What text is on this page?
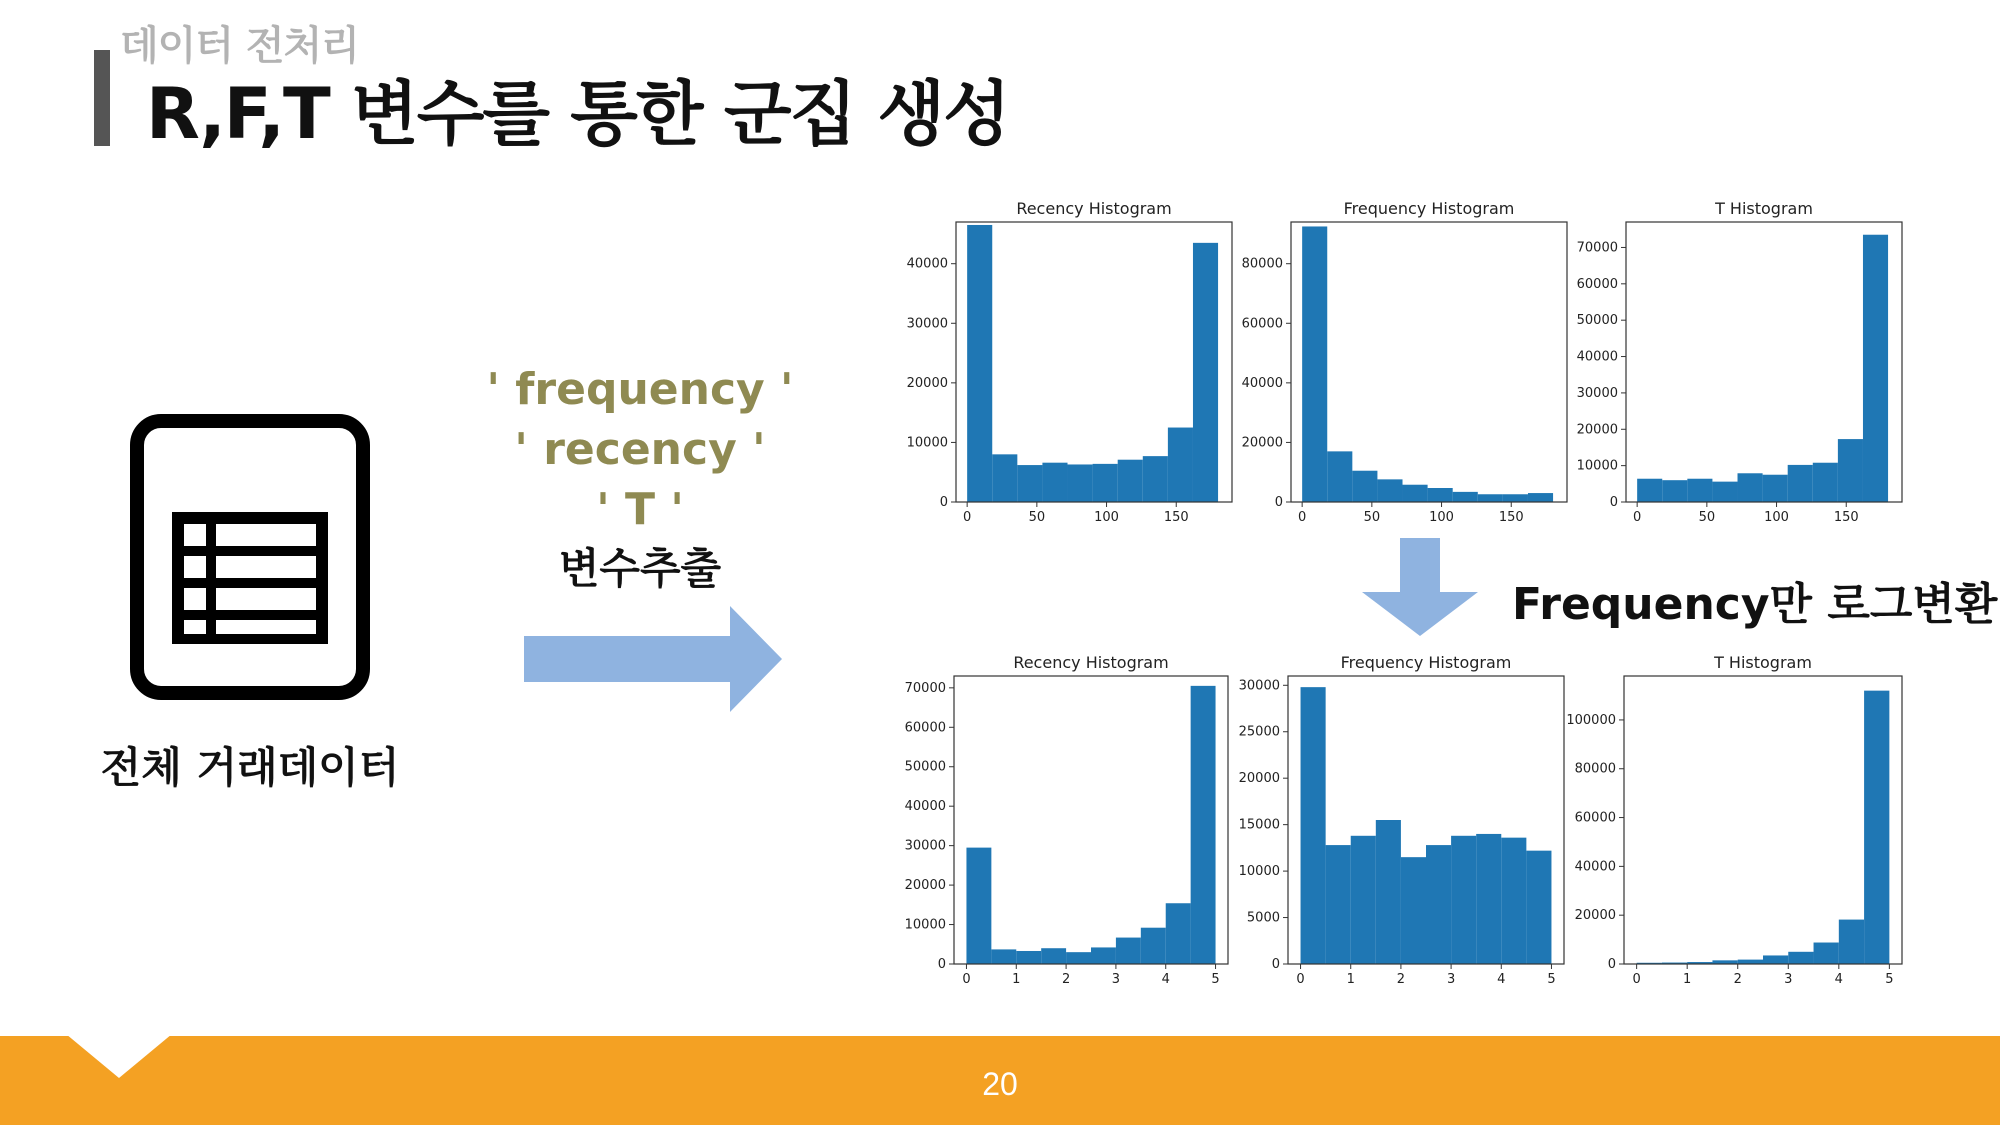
데이터 전처리
R,F,T 변수를 통한 군집 생성
전체 거래데이터
' frequency '
' recency '
' T '
변수추출
Frequency만 로그변환
Recency Histogram
0	50	100	150
0
10000
20000
30000
40000
Frequency Histogram
0	50	100	150
0
20000
40000
60000
80000
T Histogram
0	50	100	150
0
10000
20000
30000
40000
50000
60000
70000
Recency Histogram
0	1	2	3	4	5
0
10000
20000
30000
40000
50000
60000
70000
Frequency Histogram
0	1	2	3	4	5
0
5000
10000
15000
20000
25000
30000
T Histogram
0	1	2	3	4	5
0
20000
40000
60000
80000
100000
20
